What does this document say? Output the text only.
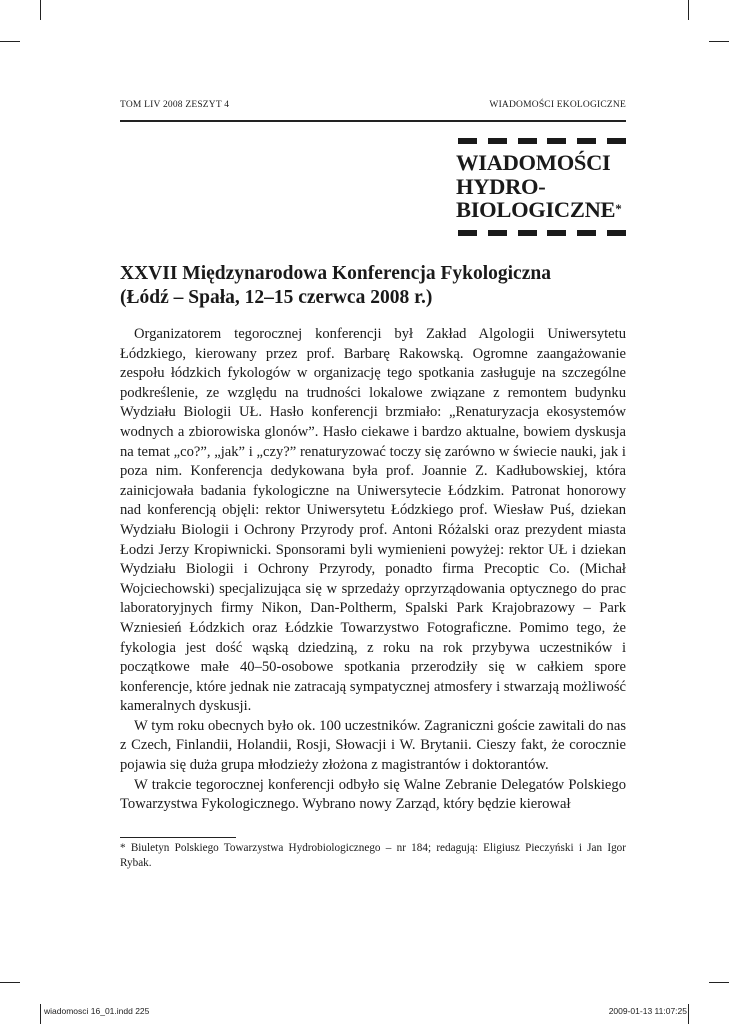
TOM LIV 2008 ZESZYT 4	WIADOMOŚCI EKOLOGICZNE
WIADOMOŚCI
HYDRO-
BIOLOGICZNE*
XXVII Międzynarodowa Konferencja Fykologiczna
(Łódź – Spała, 12–15 czerwca 2008 r.)

Organizatorem tegorocznej konferencji był Zakład Algologii Uniwersytetu Łódzkiego, kierowany przez prof. Barbarę Rakowską. Ogromne zaangażowanie zespołu łódzkich fykologów w organizację tego spotkania zasługuje na szczególne podkreślenie, ze względu na trudności lokalowe związane z remontem budynku Wydziału Biologii UŁ. Hasło konferencji brzmiało: „Renaturyzacja ekosystemów wodnych a zbiorowiska glonów”. Hasło ciekawe i bardzo aktualne, bowiem dyskusja na temat „co?”, „jak” i „czy?” renaturyzować toczy się zarówno w świecie nauki, jak i poza nim. Konferencja dedykowana była prof. Joannie Z. Kadłubowskiej, która zainicjowała badania fykologiczne na Uniwersytecie Łódzkim. Patronat honorowy nad konferencją objęli: rektor Uniwersytetu Łódzkiego prof. Wiesław Puś, dziekan Wydziału Biologii i Ochrony Przyrody prof. Antoni Różalski oraz prezydent miasta Łodzi Jerzy Kropiwnicki. Sponsorami byli wymienieni powyżej: rektor UŁ i dziekan Wydziału Biologii i Ochrony Przyrody, ponadto firma Precoptic Co. (Michał Wojciechowski) specjalizująca się w sprzedaży oprzyrządowania optycznego do prac laboratoryjnych firmy Nikon, Dan-Poltherm, Spalski Park Krajobrazowy – Park Wzniesień Łódzkich oraz Łódzkie Towarzystwo Fotograficzne. Pomimo tego, że fykologia jest dość wąską dziedziną, z roku na rok przybywa uczestników i początkowe małe 40–50-osobowe spotkania przerodziły się w całkiem spore konferencje, które jednak nie zatracają sympatycznej atmosfery i stwarzają możliwość kameralnych dyskusji.

W tym roku obecnych było ok. 100 uczestników. Zagraniczni goście zawitali do nas z Czech, Finlandii, Holandii, Rosji, Słowacji i W. Brytanii. Cieszy fakt, że corocznie pojawia się duża grupa młodzieży złożona z magistrantów i doktorantów.

W trakcie tegorocznej konferencji odbyło się Walne Zebranie Delegatów Polskiego Towarzystwa Fykologicznego. Wybrano nowy Zarząd, który będzie kierował

* Biuletyn Polskiego Towarzystwa Hydrobiologicznego – nr 184; redagują: Eligiusz Pieczyński i Jan Igor Rybak.
wiadomosci 16_01.indd 225	2009-01-13 11:07:25
